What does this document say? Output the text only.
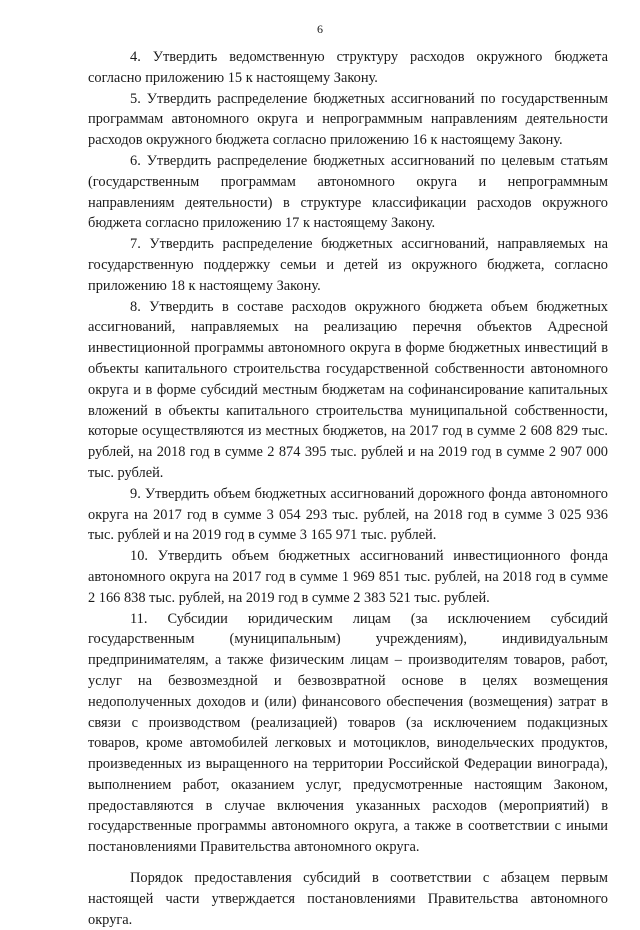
6

4. Утвердить ведомственную структуру расходов окружного бюджета согласно приложению 15 к настоящему Закону.

5. Утвердить распределение бюджетных ассигнований по государственным программам автономного округа и непрограммным направлениям деятельности расходов окружного бюджета согласно приложению 16 к настоящему Закону.

6. Утвердить распределение бюджетных ассигнований по целевым статьям (государственным программам автономного округа и непрограммным направлениям деятельности) в структуре классификации расходов окружного бюджета согласно приложению 17 к настоящему Закону.

7. Утвердить распределение бюджетных ассигнований, направляемых на государственную поддержку семьи и детей из окружного бюджета, согласно приложению 18 к настоящему Закону.

8. Утвердить в составе расходов окружного бюджета объем бюджетных ассигнований, направляемых на реализацию перечня объектов Адресной инвестиционной программы автономного округа в форме бюджетных инвестиций в объекты капитального строительства государственной собственности автономного округа и в форме субсидий местным бюджетам на софинансирование капитальных вложений в объекты капитального строительства муниципальной собственности, которые осуществляются из местных бюджетов, на 2017 год в сумме 2 608 829 тыс. рублей, на 2018 год в сумме 2 874 395 тыс. рублей и на 2019 год в сумме 2 907 000 тыс. рублей.

9. Утвердить объем бюджетных ассигнований дорожного фонда автономного округа на 2017 год в сумме 3 054 293 тыс. рублей, на 2018 год в сумме 3 025 936 тыс. рублей и на 2019 год в сумме 3 165 971 тыс. рублей.

10. Утвердить объем бюджетных ассигнований инвестиционного фонда автономного округа на 2017 год в сумме 1 969 851 тыс. рублей, на 2018 год в сумме 2 166 838 тыс. рублей, на 2019 год в сумме 2 383 521 тыс. рублей.

11. Субсидии юридическим лицам (за исключением субсидий государственным (муниципальным) учреждениям), индивидуальным предпринимателям, а также физическим лицам – производителям товаров, работ, услуг на безвозмездной и безвозвратной основе в целях возмещения недополученных доходов и (или) финансового обеспечения (возмещения) затрат в связи с производством (реализацией) товаров (за исключением подакцизных товаров, кроме автомобилей легковых и мотоциклов, винодельческих продуктов, произведенных из выращенного на территории Российской Федерации винограда), выполнением работ, оказанием услуг, предусмотренные настоящим Законом, предоставляются в случае включения указанных расходов (мероприятий) в государственные программы автономного округа, а также в соответствии с иными постановлениями Правительства автономного округа.

Порядок предоставления субсидий в соответствии с абзацем первым настоящей части утверждается постановлениями Правительства автономного округа.
